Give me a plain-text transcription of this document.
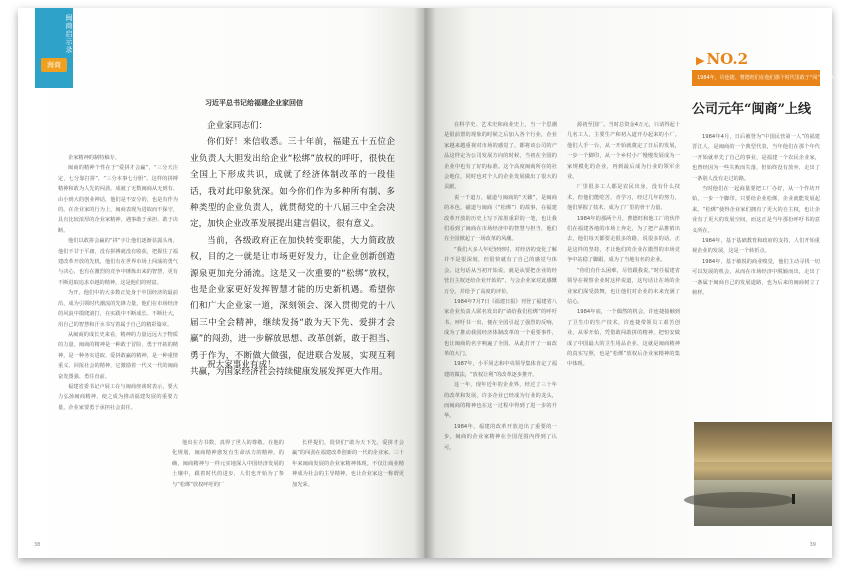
闽商启示录
海商

企家精神的制特稿专。

闽商的精神个性在于“爱拼才会赢”，“三分天注定，七分靠打拼”，“三分本事七分胆”。这样的拼搏精神和敢为人先的闯劲，成就了无数闽商从无到有、由小到大的创业神话，他们是不安分的，也是有作为的。在企业家的行为上，闽商表现为进取而不保守，具有比较浓厚的企业家精神，遇事敢于承担、敢于决断。

他们以敢拼会赢的“拼”字让他们逐渐显露头角，他们不甘于平庸，没有拼搏就没有收获，把握住了福建改革开放的先机，他们有在世界市场上闯荡的勇气与决心，也有在激烈的竞争中锤炼出来的智慧，更有不断进取追求卓越的精神，这是他们的财富。

为开，他们中的大多数正处身于中国经济的最前沿，成为引领时代潮流的先锋力量，他们在市场经济的风浪中摸爬滚打，在实践中不断成长、不断壮大，用自己的智慧和汗水书写着属于自己的精彩篇章。

从闽商的成长史来看，精神的力量远远大于物质的力量。闽商的精神是一种敢于冒险、勇于开拓的精神，是一种务实进取、爱拼敢赢的精神，是一种重情重义、回报社会的精神，它激励着一代又一代的闽商奋发图强、勇往直前。

福建省委书记卢展工在与闽商座谈时表示，要大力弘扬闽商精神，使之成为推动福建发展的重要力量，企业家要勇于承担社会责任。

习近平总书记给福建企业家回信

企业家同志们：

你们好！来信收悉。三十年前，福建五十五位企业负责人大胆发出给企业“松绑”放权的呼吁，很快在全国上下形成共识，成就了经济体制改革的一段佳话，我对此印象犹深。如今你们作为多种所有制、多种类型的企业负责人，就贯彻党的十八届三中全会决定，加快企业改革发展提出建言倡议，很有意义。

当前，各级政府正在加快转变职能，大力简政放权，目的之一就是让市场更好发力，让企业创新创造源泉更加充分涌流。这是又一次重要的“松绑”放权，也是企业家更好发挥智慧才能的历史新机遇。希望你们和广大企业家一道，深刻领会、深入贯彻党的十八届三中全会精神，继续发扬“敢为天下先、爱拼才会赢”的闯劲，进一步解放思想、改革创新，敢于担当、勇于作为，不断做大做强，促进联合发展，实现互利共赢，为国家经济社会持续健康发展发挥更大作用。

祝大家事业有成！

他出在方书数，真得了世人的尊敬。在他的化规划，闽商精神愈发有生命活力的精神。的确，闽商精神与一样元实地深入中国经济发展的土壤中，跟着时代的进步，人们也开始为了参与“松绑”放权呼吁的厂

长样提们，很快们“敢为天下先，爱拼才会赢”的闯劲在福建改革创新的一代的企业家。三十年来闽商发展的企业家精神体现。不仅让商业精神成为社会的主导精神，也让企业家这一称谓更加光荣。

38

在科学史、艺术史和商业史上，当一个思潮是很前置的现象的时候之后加入各个行业，企业家越来越重视对市场的感觉了，都将该公司的产品这样定为公司发展方向的时候，当初在全国的企业中也有了好的标准。这个高度闽商所在的社会地位，同时也对个人的企业发展做出了很大的贡献。

说一千道万，磁道与闽商的“天籁”，是闽商的本色，磁道与闽商（“松绑”）的故事，在福建改革开放的历史上写下浓墨重彩的一笔，也让我们看到了闽商在市场经济中的智慧与担当，他们在全国掀起了一场改革的风潮。

“我们大多人年纪轻轻时，对经济的变化了解并不是很深刻，但很快就有了自己的感觉与体会。这句话从当初开始说，就是从要把企业的经营自主权还给企业开始的”，与会企业家对此感慨万分，并给予了高度的评价。

1984年7月7日《福建日报》刊登了福建省八家企业负责人联名发出的“请给我们松绑”的呼吁书，呼吁书一出，便在全国引起了强烈的反响，成为了推动我国经济体制改革的一个重要事件，也让闽商的名字响遍了全国，从此打开了一扇改革的大门。

1987年，小平同志和中央领导集体肯定了福建的做法，“放权让利”的改革逐步推开。

这一年，现年近年的企业界，经过了三十年的改革和发展，许多企业已经成为行业的龙头，而闽商的精神也在这一过程中得到了进一步的升华。

1984年，福建的改革开放迈出了重要的一步，闽商的企业家精神在全国范围内得到了认可。

源初至国厂。当时总资金4万元，只请得起十几名工人，主要生产和初入道开办起来的小厂。他们人手一台，从一开始就奠定了日后的发展，一步一个脚印，从一个乡村小厂慢慢发展成为一家规模化的企业，再到最后成为行业的领军企业。

厂里很多工人都是农民出身，没有什么技术，但他们能吃苦，肯学习，经过几年的努力，他们掌握了技术，成为了厂里的骨干力量。

1984年的那两个月，曹德旺和他工厂的伙伴们在福建各地的市场上奔走，为了把产品推销出去，他们每天都要走很多的路，说很多的话。正是这样的坚持，才让他们的企业在激烈的市场竞争中站稳了脚跟，成为了当地有名的企业。

“你们有什么困难，尽管跟我说。”时任福建省领导在视察企业时这样说道，这句话让在场的企业家们深受鼓舞，也让他们对企业的未来充满了信心。

1984年底，一个偶然的机会，许连捷接触到了卫生巾的生产技术，许连捷带领员工艰苦创业，从零开始，凭借敢闯敢拼的精神，把恒安做成了中国最大的卫生用品企业，这就是闽商精神的真实写照，也是“松绑”放权后企业家精神的集中体现。

▶ NO.2
1984年，许连捷、曹德旺们在他们那个时代里敢于“闯”字当头
公司元年“闽商”上线

1984年4月，日后被誉为“中国民营第一人”的福建晋江人，是闽商的一个典型代表，当年他们在那个年代一开始就率先了自己的事业，是福建一个农民企业家，也曾经因为一些失败而失落，但始终没有放弃，走出了一条别人没有走过的路。

当时他们在一起商量要把工厂办好，从一个作坊开始，一步一个脚印。只要给企业松绑，企业就能发展起来。“松绑”使得企业家们拥有了更大的自主权，也让企业有了更大的发展空间，而这正是当年那份呼吁书的意义所在。

1984年，基于基础教育和政府的支持，人们开始重视企业的发展，这是一个转折点。

1984年，基于敏锐的商业嗅觉，他们主动寻找一切可以发展的机会，从而在市场经济中脱颖而出，走出了一条属于闽商自己的发展道路，也为后来的闽商树立了榜样。

39
